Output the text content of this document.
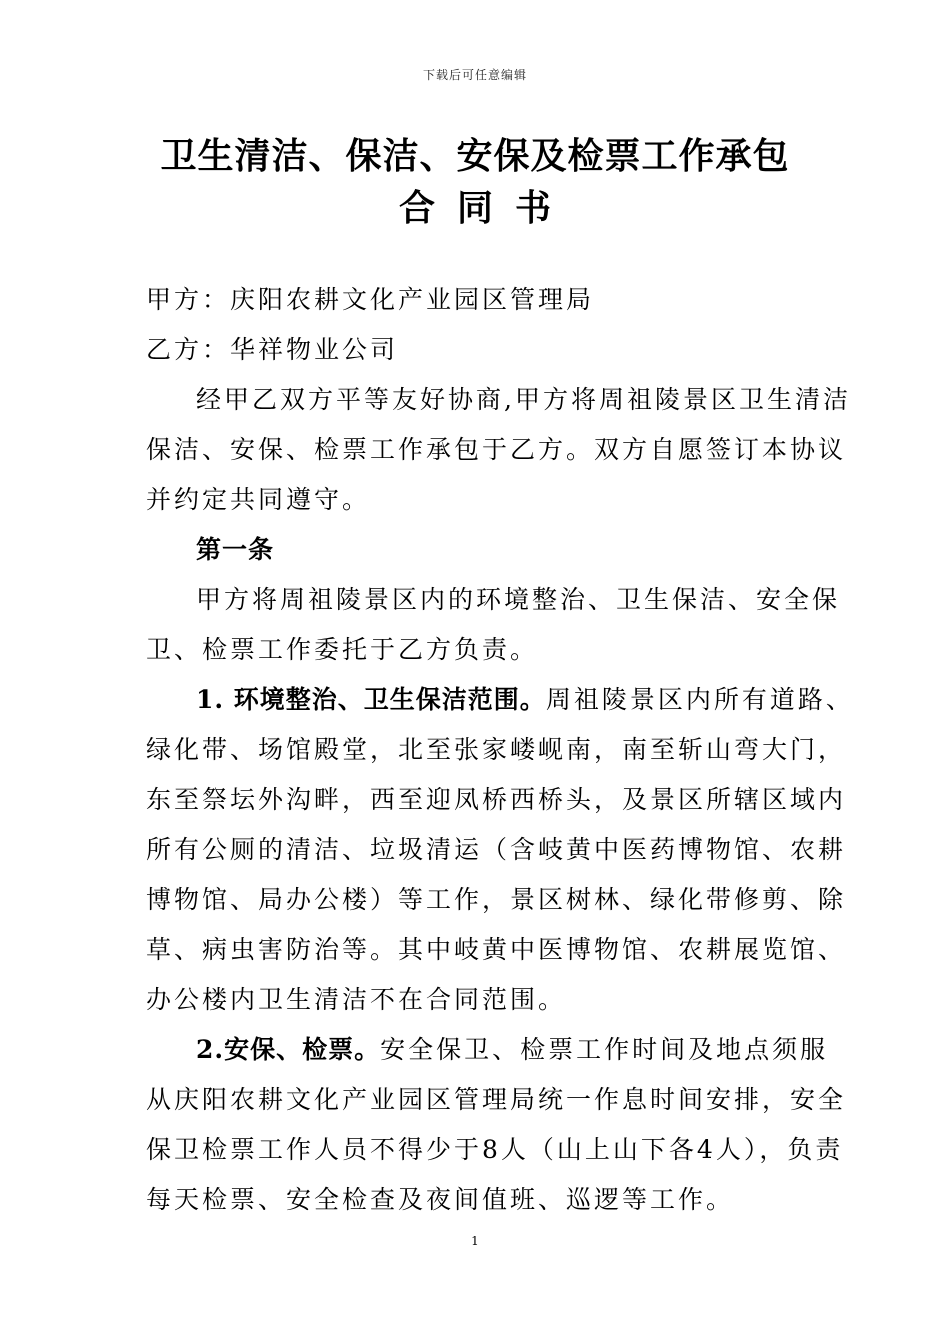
下载后可任意编辑
卫生清洁、保洁、安保及检票工作承包
合同书
甲方：庆阳农耕文化产业园区管理局
乙方：华祥物业公司
经甲乙双方平等友好协商,甲方将周祖陵景区卫生清洁
保洁、安保、检票工作承包于乙方。双方自愿签订本协议
并约定共同遵守。
第一条
甲方将周祖陵景区内的环境整治、卫生保洁、安全保
卫、检票工作委托于乙方负责。
1. 环境整治、卫生保洁范围。周祖陵景区内所有道路、
绿化带、场馆殿堂，北至张家嵝岘南，南至斩山弯大门，
东至祭坛外沟畔，西至迎凤桥西桥头，及景区所辖区域内
所有公厕的清洁、垃圾清运（含岐黄中医药博物馆、农耕
博物馆、局办公楼）等工作，景区树林、绿化带修剪、除
草、病虫害防治等。其中岐黄中医博物馆、农耕展览馆、
办公楼内卫生清洁不在合同范围。
2.安保、检票。安全保卫、检票工作时间及地点须服
从庆阳农耕文化产业园区管理局统一作息时间安排，安全
保卫检票工作人员不得少于8人（山上山下各4人），负责
每天检票、安全检查及夜间值班、巡逻等工作。
1
